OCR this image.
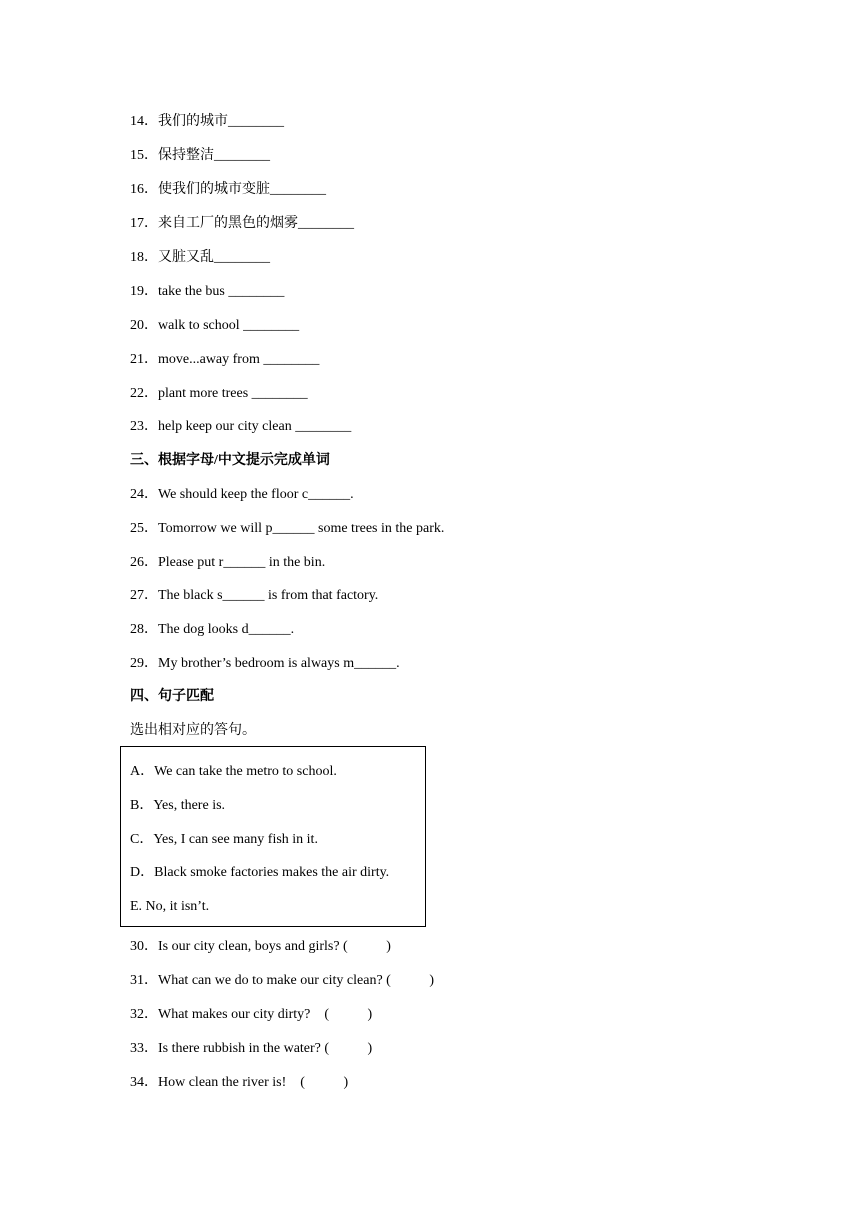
14．我们的城市________
15．保持整洁________
16．使我们的城市变脏________
17．来自工厂的黑色的烟雾________
18．又脏又乱________
19．take the bus ________
20．walk to school ________
21．move...away from ________
22．plant more trees ________
23．help keep our city clean ________
三、根据字母/中文提示完成单词
24．We should keep the floor c______.
25．Tomorrow we will p______ some trees in the park.
26．Please put r______ in the bin.
27．The black s______ is from that factory.
28．The dog looks d______.
29．My brother’s bedroom is always m______.
四、句子匹配
选出相对应的答句。
A．We can take the metro to school.
B．Yes, there is.
C．Yes, I can see many fish in it.
D．Black smoke factories makes the air dirty.
E. No, it isn’t.
30．Is our city clean, boys and girls? (           )
31．What can we do to make our city clean? (           )
32．What makes our city dirty?    (           )
33．Is there rubbish in the water? (           )
34．How clean the river is!    (           )
